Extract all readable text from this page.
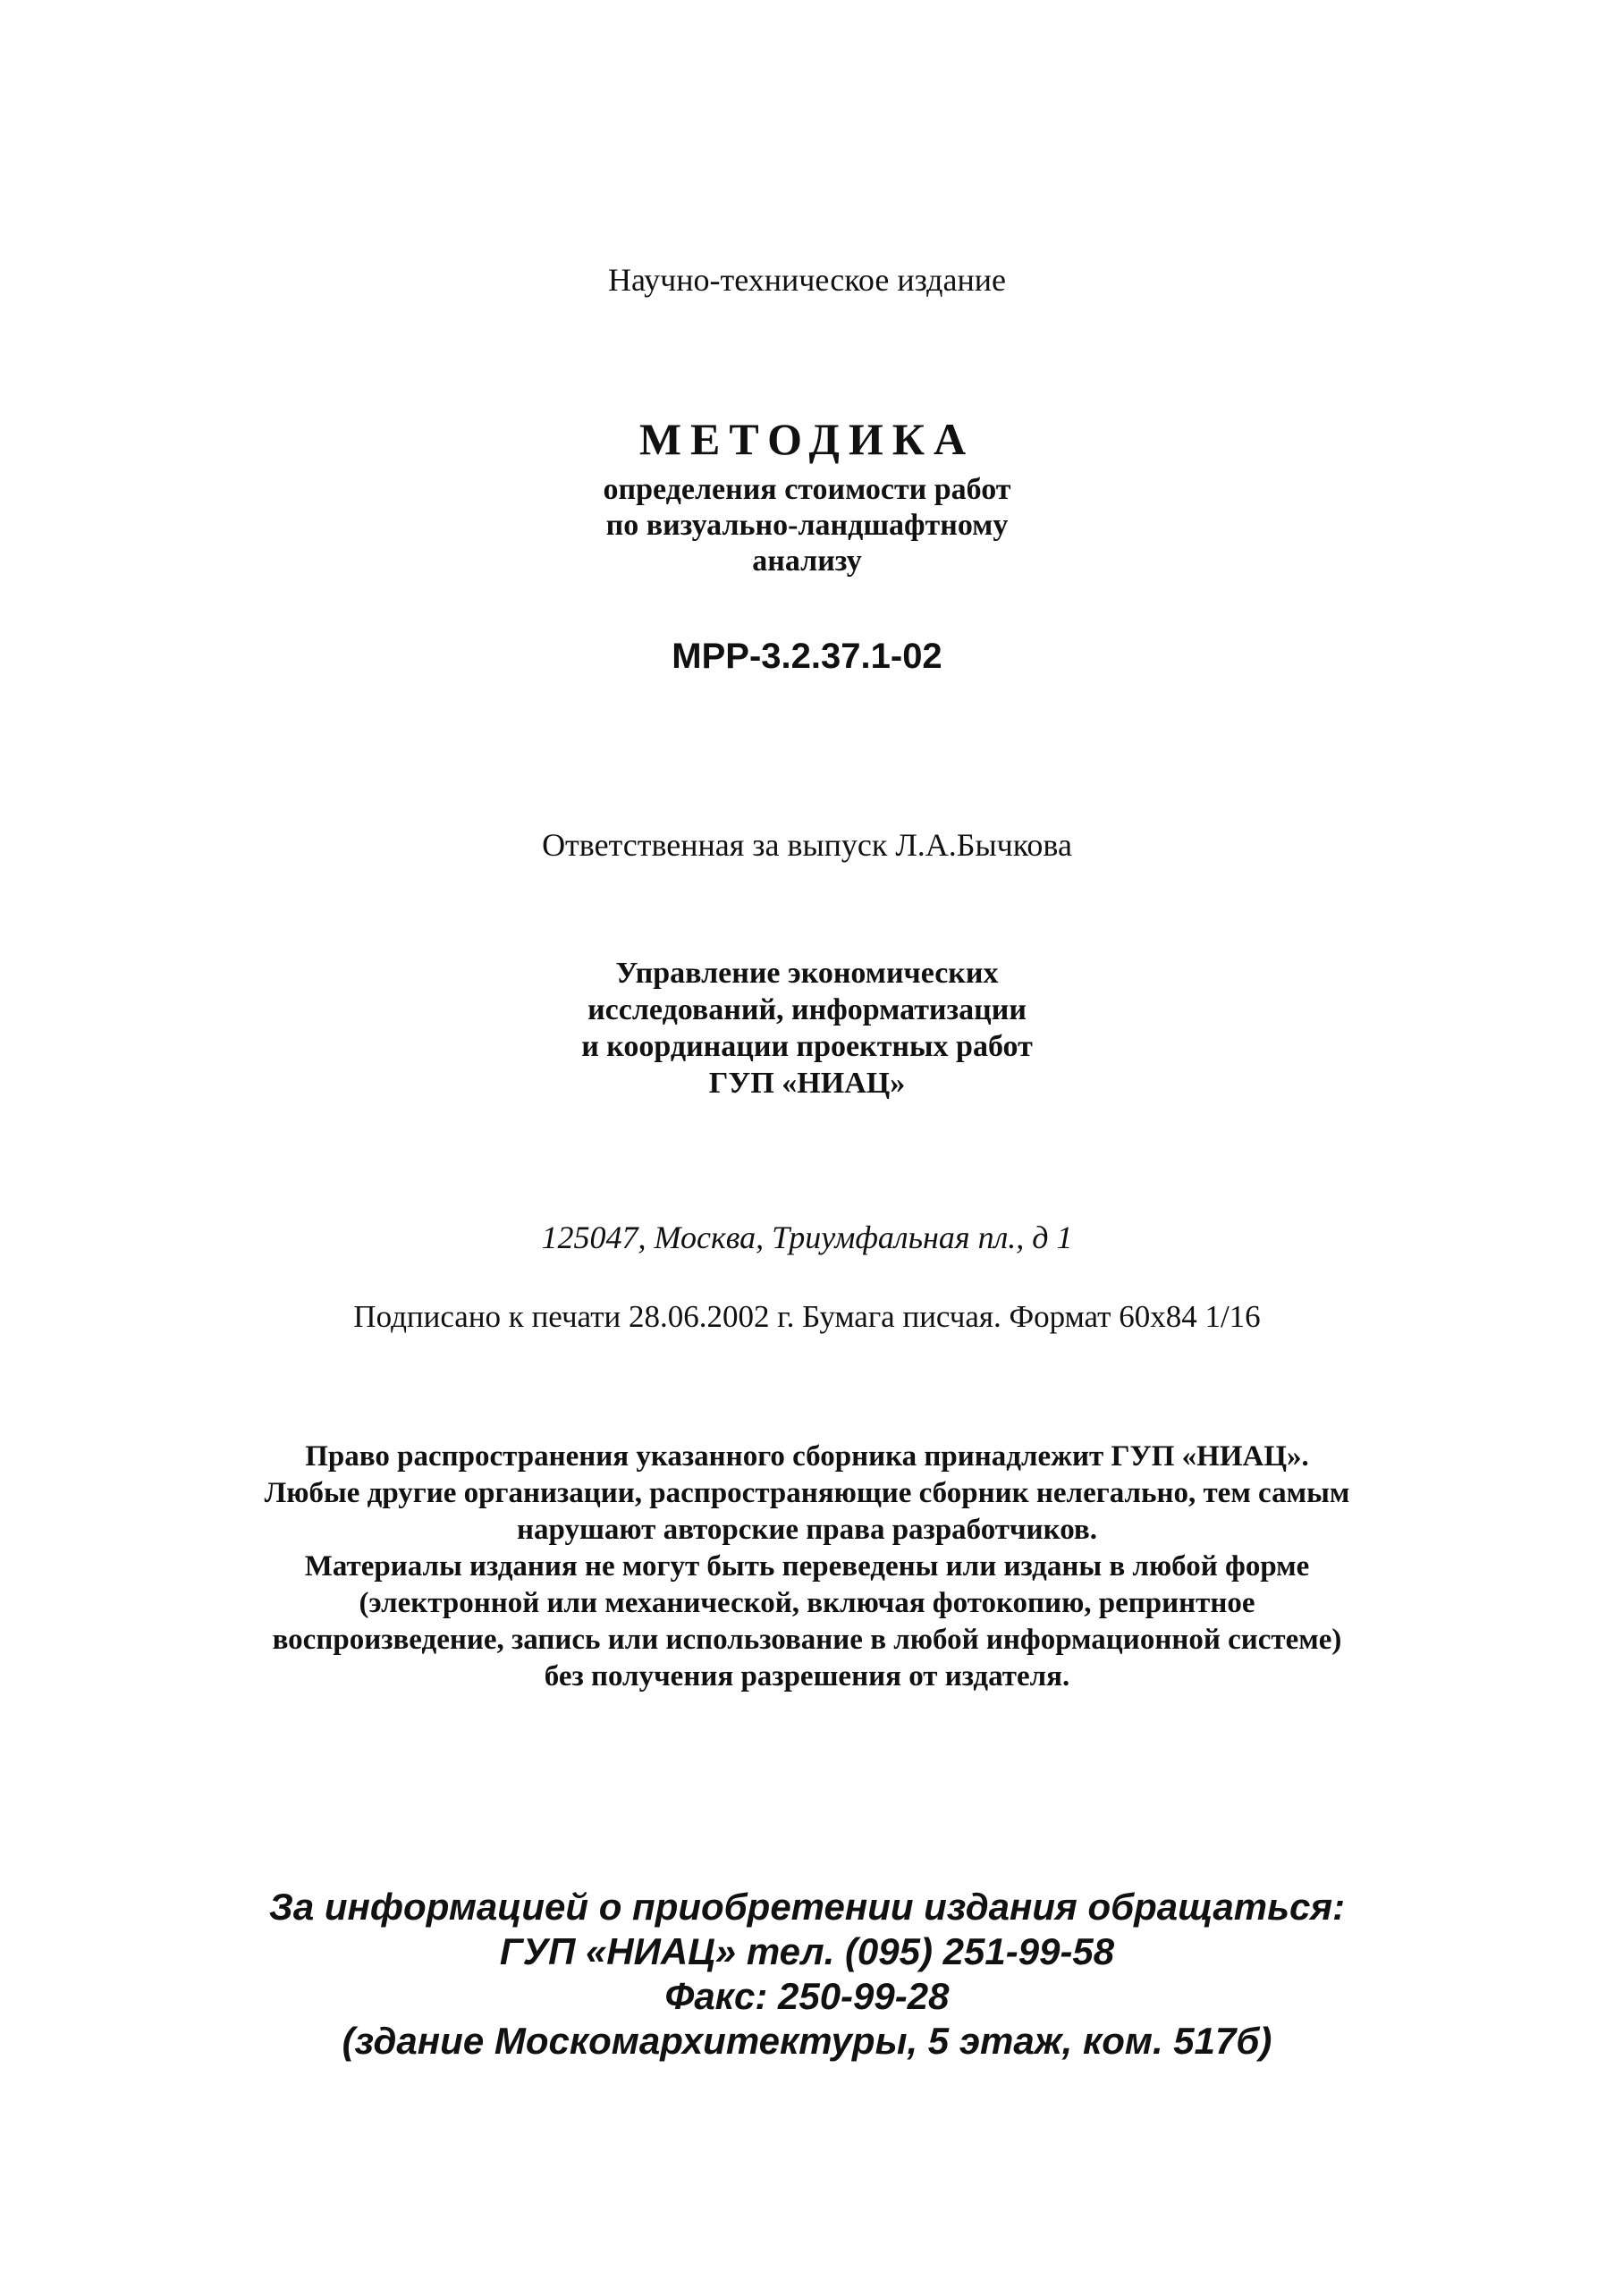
Научно-техническое издание

МЕТОДИКА

определения стоимости работ

по визуально-ландшафтному

анализу

МРР-3.2.37.1-02

Ответственная за выпуск Л.А.Бычкова

Управление экономических

исследований, информатизации

и координации проектных работ

ГУП «НИАЦ»

125047, Москва, Триумфальная пл., д 1

Подписано к печати 28.06.2002 г. Бумага писчая. Формат 60х84 1/16

Право распространения указанного сборника принадлежит ГУП «НИАЦ».

Любые другие организации, распространяющие сборник нелегально, тем самым

нарушают авторские права разработчиков.

Материалы издания не могут быть переведены или изданы в любой форме

(электронной или механической, включая фотокопию, репринтное

воспроизведение, запись или использование в любой информационной системе)

без получения разрешения от издателя.

За информацией о приобретении издания обращаться:

ГУП «НИАЦ» тел. (095) 251-99-58

Факс: 250-99-28

(здание Москомархитектуры, 5 этаж, ком. 517б)
